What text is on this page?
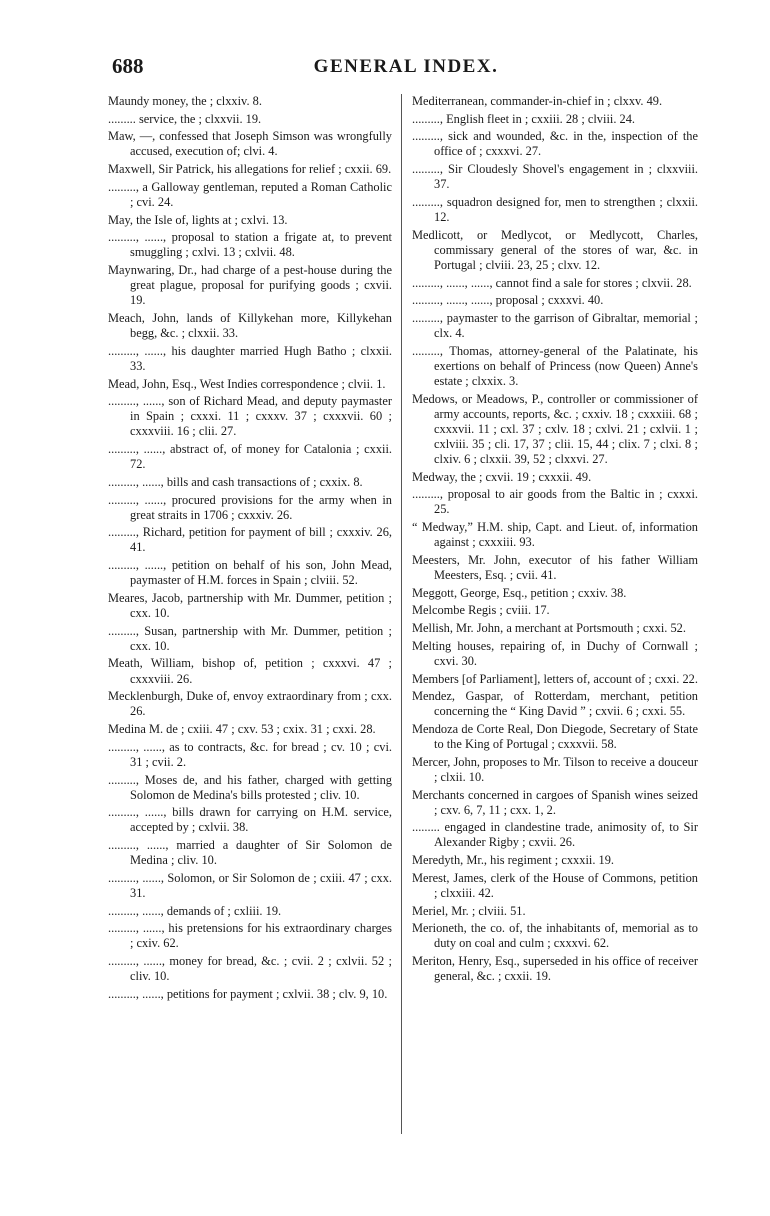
688	GENERAL INDEX.

Maundy money, the ; clxxiv. 8.

......... service, the ; clxxvii. 19.

Maw, —, confessed that Joseph Simson was wrongfully accused, execution of; clvi. 4.

Maxwell, Sir Patrick, his allegations for relief ; cxxii. 69.

........., a Galloway gentleman, reputed a Roman Catholic ; cvi. 24.

May, the Isle of, lights at ; cxlvi. 13.

........., ......, proposal to station a frigate at, to prevent smuggling ; cxlvi. 13 ; cxlvii. 48.

Maynwaring, Dr., had charge of a pest-house during the great plague, proposal for purifying goods ; cxvii. 19.

Meach, John, lands of Killykehan more, Killykehan begg, &c. ; clxxii. 33.

........., ......, his daughter married Hugh Batho ; clxxii. 33.

Mead, John, Esq., West Indies correspondence ; clvii. 1.

........., ......, son of Richard Mead, and deputy paymaster in Spain ; cxxxi. 11 ; cxxxv. 37 ; cxxxvii. 60 ; cxxxviii. 16 ; clii. 27.

........., ......, abstract of, of money for Catalonia ; cxxii. 72.

........., ......, bills and cash transactions of ; cxxix. 8.

........., ......, procured provisions for the army when in great straits in 1706 ; cxxxiv. 26.

........., Richard, petition for payment of bill ; cxxxiv. 26, 41.

........., ......, petition on behalf of his son, John Mead, paymaster of H.M. forces in Spain ; clviii. 52.

Meares, Jacob, partnership with Mr. Dummer, petition ; cxx. 10.

........., Susan, partnership with Mr. Dummer, petition ; cxx. 10.

Meath, William, bishop of, petition ; cxxxvi. 47 ; cxxxviii. 26.

Mecklenburgh, Duke of, envoy extraordinary from ; cxx. 26.

Medina M. de ; cxiii. 47 ; cxv. 53 ; cxix. 31 ; cxxi. 28.

........., ......, as to contracts, &c. for bread ; cv. 10 ; cvi. 31 ; cvii. 2.

........., Moses de, and his father, charged with getting Solomon de Medina's bills protested ; cliv. 10.

........., ......, bills drawn for carrying on H.M. service, accepted by ; cxlvii. 38.

........., ......, married a daughter of Sir Solomon de Medina ; cliv. 10.

........., ......, Solomon, or Sir Solomon de ; cxiii. 47 ; cxx. 31.

........., ......, demands of ; cxliii. 19.

........., ......, his pretensions for his extraordinary charges ; cxiv. 62.

........., ......, money for bread, &c. ; cvii. 2 ; cxlvii. 52 ; cliv. 10.

........., ......, petitions for payment ; cxlvii. 38 ; clv. 9, 10.

Mediterranean, commander-in-chief in ; clxxv. 49.

........., English fleet in ; cxxiii. 28 ; clviii. 24.

........., sick and wounded, &c. in the, inspection of the office of ; cxxxvi. 27.

........., Sir Cloudesly Shovel's engagement in ; clxxviii. 37.

........., squadron designed for, men to strengthen ; clxxii. 12.

Medlicott, or Medlycot, or Medlycott, Charles, commissary general of the stores of war, &c. in Portugal ; clviii. 23, 25 ; clxv. 12.

........., ......, ......, cannot find a sale for stores ; clxvii. 28.

........., ......, ......, proposal ; cxxxvi. 40.

........., paymaster to the garrison of Gibraltar, memorial ; clx. 4.

........., Thomas, attorney-general of the Palatinate, his exertions on behalf of Princess (now Queen) Anne's estate ; clxxix. 3.

Medows, or Meadows, P., controller or commissioner of army accounts, reports, &c. ; cxxiv. 18 ; cxxxiii. 68 ; cxxxvii. 11 ; cxl. 37 ; cxlv. 18 ; cxlvi. 21 ; cxlvii. 1 ; cxlviii. 35 ; cli. 17, 37 ; clii. 15, 44 ; clix. 7 ; clxi. 8 ; clxiv. 6 ; clxxii. 39, 52 ; clxxvi. 27.

Medway, the ; cxvii. 19 ; cxxxii. 49.

........., proposal to air goods from the Baltic in ; cxxxi. 25.

“ Medway,” H.M. ship, Capt. and Lieut. of, information against ; cxxxiii. 93.

Meesters, Mr. John, executor of his father William Meesters, Esq. ; cvii. 41.

Meggott, George, Esq., petition ; cxxiv. 38.

Melcombe Regis ; cviii. 17.

Mellish, Mr. John, a merchant at Portsmouth ; cxxi. 52.

Melting houses, repairing of, in Duchy of Cornwall ; cxvi. 30.

Members [of Parliament], letters of, account of ; cxxi. 22.

Mendez, Gaspar, of Rotterdam, merchant, petition concerning the “ King David ” ; cxvii. 6 ; cxxi. 55.

Mendoza de Corte Real, Don Diegode, Secretary of State to the King of Portugal ; cxxxvii. 58.

Mercer, John, proposes to Mr. Tilson to receive a douceur ; clxii. 10.

Merchants concerned in cargoes of Spanish wines seized ; cxv. 6, 7, 11 ; cxx. 1, 2.

......... engaged in clandestine trade, animosity of, to Sir Alexander Rigby ; cxvii. 26.

Meredyth, Mr., his regiment ; cxxxii. 19.

Merest, James, clerk of the House of Commons, petition ; clxxiii. 42.

Meriel, Mr. ; clviii. 51.

Merioneth, the co. of, the inhabitants of, memorial as to duty on coal and culm ; cxxxvi. 62.

Meriton, Henry, Esq., superseded in his office of receiver general, &c. ; cxxii. 19.
